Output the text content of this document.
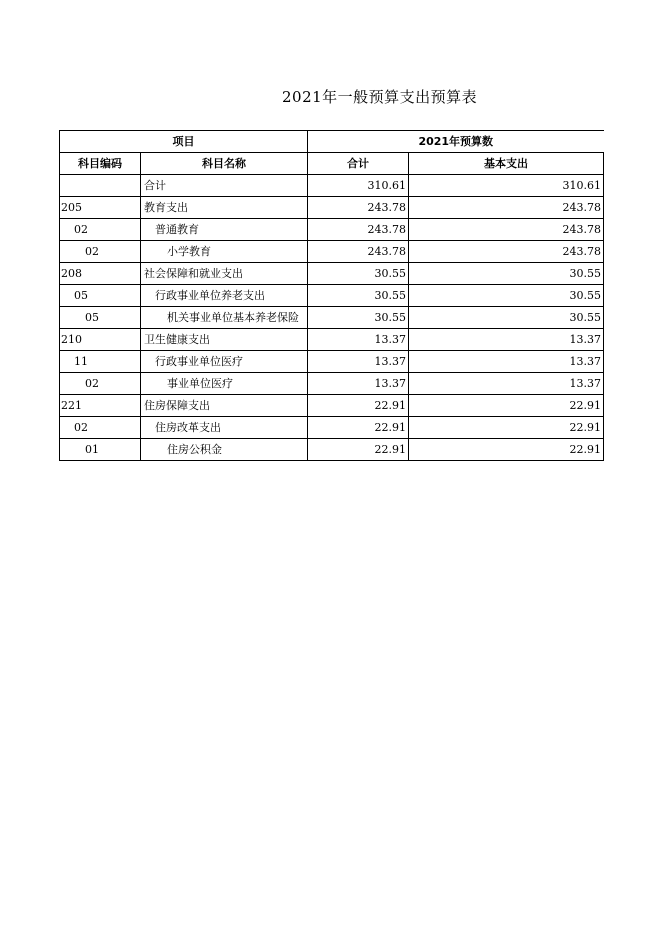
2021年一般预算支出预算表
项目		2021年预算数	
科目编码	科目名称	合计	基本支出
	合计	310.61	310.61
205	教育支出	243.78	243.78
02	普通教育	243.78	243.78
02	小学教育	243.78	243.78
208	社会保障和就业支出	30.55	30.55
05	行政事业单位养老支出	30.55	30.55
05	机关事业单位基本养老保险	30.55	30.55
210	卫生健康支出	13.37	13.37
11	行政事业单位医疗	13.37	13.37
02	事业单位医疗	13.37	13.37
221	住房保障支出	22.91	22.91
02	住房改革支出	22.91	22.91
01	住房公积金	22.91	22.91
